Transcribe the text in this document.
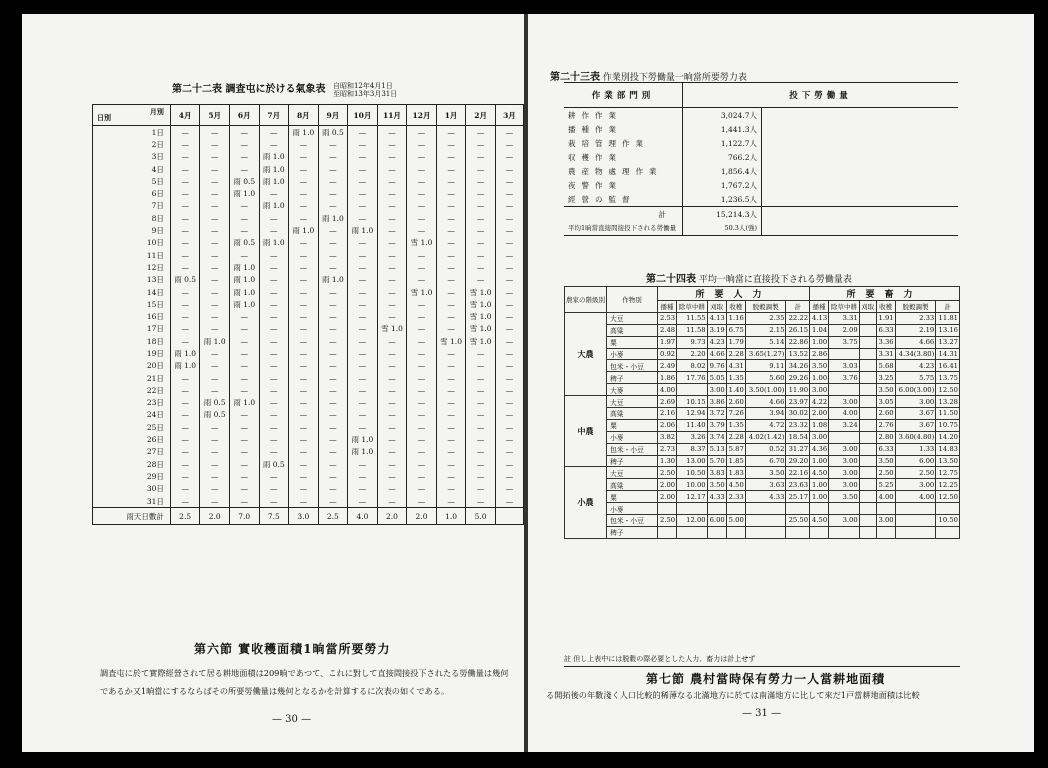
第二十二表 調査屯に於ける氣象表 自昭和12年4月1日
至昭和13年3月31日
月別
日別	4月	5月	6月	7月	8月	9月	10月	11月	12月	1月	2月	3月
1日	—	—	—	—	雨 1.0	雨 0.5	—	—	—	—	—	—
2日	—	—	—	—	—	—	—	—	—	—	—	—
3日	—	—	—	雨 1.0	—	—	—	—	—	—	—	—
4日	—	—	—	雨 1.0	—	—	—	—	—	—	—	—
5日	—	—	雨 0.5	雨 1.0	—	—	—	—	—	—	—	—
6日	—	—	雨 1.0	—	—	—	—	—	—	—	—	—
7日	—	—	—	雨 1.0	—	—	—	—	—	—	—	—
8日	—	—	—	—	—	雨 1.0	—	—	—	—	—	—
9日	—	—	—	—	雨 1.0	—	雨 1.0	—	—	—	—	—
10日	—	—	雨 0.5	雨 1.0	—	—	—	—	雪 1.0	—	—	—
11日	—	—	—	—	—	—	—	—	—	—	—	—
12日	—	—	雨 1.0	—	—	—	—	—	—	—	—	—
13日	雨 0.5	—	雨 1.0	—	—	雨 1.0	—	—	—	—	—	—
14日	—	—	雨 1.0	—	—	—	—	—	雪 1.0	—	雪 1.0	—
15日	—	—	雨 1.0	—	—	—	—	—	—	—	雪 1.0	—
16日	—	—	—	—	—	—	—	—	—	—	雪 1.0	—
17日	—	—	—	—	—	—	—	雪 1.0	—	—	雪 1.0	—
18日	—	雨 1.0	—	—	—	—	—	—	—	雪 1.0	雪 1.0	—
19日	雨 1.0	—	—	—	—	—	—	—	—	—	—	—
20日	雨 1.0	—	—	—	—	—	—	—	—	—	—	—
21日	—	—	—	—	—	—	—	—	—	—	—	—
22日	—	—	—	—	—	—	—	—	—	—	—	—
23日	—	雨 0.5	雨 1.0	—	—	—	—	—	—	—	—	—
24日	—	雨 0.5	—	—	—	—	—	—	—	—	—	—
25日	—	—	—	—	—	—	—	—	—	—	—	—
26日	—	—	—	—	—	—	雨 1.0	—	—	—	—	—
27日	—	—	—	—	—	—	雨 1.0	—	—	—	—	—
28日	—	—	—	雨 0.5	—	—	—	—	—	—	—	—
29日	—	—	—	—	—	—	—	—	—	—	—	—
30日	—	—	—	—	—	—	—	—	—	—	—	—
31日	—	—	—	—	—	—	—	—	—	—	—	—
雨天日數計	2.5	2.0	7.0	7.5	3.0	2.5	4.0	2.0	2.0	1.0	5.0	
第六節 實收穫面積1晌當所要勞力
調査屯に於て實際經營されて居る耕地面積は209晌であつて、これに對して直接間接投下されたる勞働量は幾何であるか又1晌當にするならばその所要勞働量は幾何となるかを計算するに次表の如くである。
— 30 —
第二十三表 作業別投下勞働量一晌當所要勞力表
作業部門別	投下勞働量	
耕作作業	3,024.7人	
播種作業	1,441.3人	
栽培管理作業	1,122.7人	
収穫作業	766.2人	
農産物處理作業	1,856.4人	
夜警作業	1,767.2人	
經營の監督	1,236.5人	
計	15,214.3人	
平均1晌當直接間接投下される勞働量	50.3人(強)	
第二十四表 平均一晌當に直接投下される勞働量表
農家の階級別	作物別	所要人力						所要畜力					
		播種	除草中耕	刈取	收穫	脱穀調製	計	播種	除草中耕	刈取	收穫	脱穀調製	計
大農	大豆	2.53	11.55	4.13	1.16	2.35	22.22	4.13	3.31		1.91	2.33	11.81
	高粱	2.48	11.58	3.19	6.75	2.15	26.15	1.04	2.09		6.33	2.19	13.16
	粟	1.97	9.73	4.23	1.79	5.14	22.86	1.00	3.75		3.36	4.66	13.27
	小麥	0.92	2.20	4.66	2.28	3.65(1.27)	13.52	2.86			3.31	4.34(3.80)	14.31
	包米・小豆	2.49	8.02	9.76	4.31	9.11	34.26	3.50	3.03		5.68	4.23	16.41
	稗子	1.86	17.76	5.05	1.35	5.60	29.26	1.00	3.76		3.25	5.75	13.75
	大麥	4.00		3.00	1.40	3.50(1.00)	11.90	3.00			3.50	6.00(3.00)	12.50
中農	大豆	2.69	10.15	3.86	2.60	4.66	23.97	4.22	3.00		3.05	3.00	13.28
	高粱	2.16	12.94	3.72	7.26	3.94	30.02	2.00	4.00		2.60	3.67	11.50
	粟	2.06	11.40	3.79	1.35	4.72	23.32	1.08	3.24		2.76	3.67	10.75
	小麥	3.82	3.26	3.74	2.28	4.02(1.42)	18.54	3.00			2.80	3.60(4.80)	14.20
	包米・小豆	2.73	8.37	5.13	5.87	0.52	31.27	4.36	3.00		6.33	1.33	14.83
	稗子	1.30	13.00	5.70	1.85	6.70	29.20	1.00	3.00		3.50	6.00	13.50
小農	大豆	2.50	10.50	3.83	1.83	3.50	22.16	4.50	3.00		2.50	2.50	12.75
	高粱	2.00	10.00	3.50	4.50	3.63	23.63	1.00	3.00		5.25	3.00	12.25
	粟	2.00	12.17	4.33	2.33	4.33	25.17	1.00	3.50		4.00	4.00	12.50
	小麥												
	包米・小豆	2.50	12.00	6.00	5.00		25.50	4.50	3.00		3.00		10.50
	稗子												
註 但し上表中には脱穀の際必要とした人力、畜力は計上せず
第七節 農村當時保有勞力一人當耕地面積
る開拓後の年數淺く人口比較的稀薄なる北滿地方に於ては南滿地方に比して來だ1戸當耕地面積は比較
— 31 —
